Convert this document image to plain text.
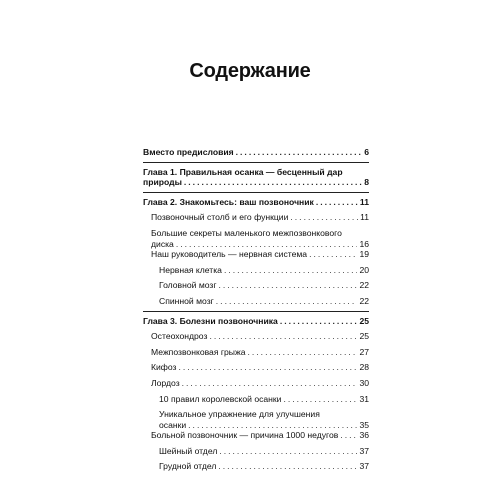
Содержание
Вместо предисловия .....	6
Глава 1. Правильная осанка — бесценный дар
природы .....	8
Глава 2. Знакомьтесь: ваш позвоночник .....	11
Позвоночный столб и его функции .....	11
Большие секреты маленького межпозвонкового
диска .....	16
Наш руководитель — нервная система .....	19
Нервная клетка .....	20
Головной мозг .....	22
Спинной мозг .....	22
Глава 3. Болезни позвоночника .....	25
Остеохондроз .....	25
Межпозвонковая грыжа .....	27
Кифоз .....	28
Лордоз .....	30
10 правил королевской осанки .....	31
Уникальное упражнение для улучшения
осанки .....	35
Больной позвоночник — причина 1000 недугов ..... 36
Шейный отдел .....	37
Грудной отдел .....	37
